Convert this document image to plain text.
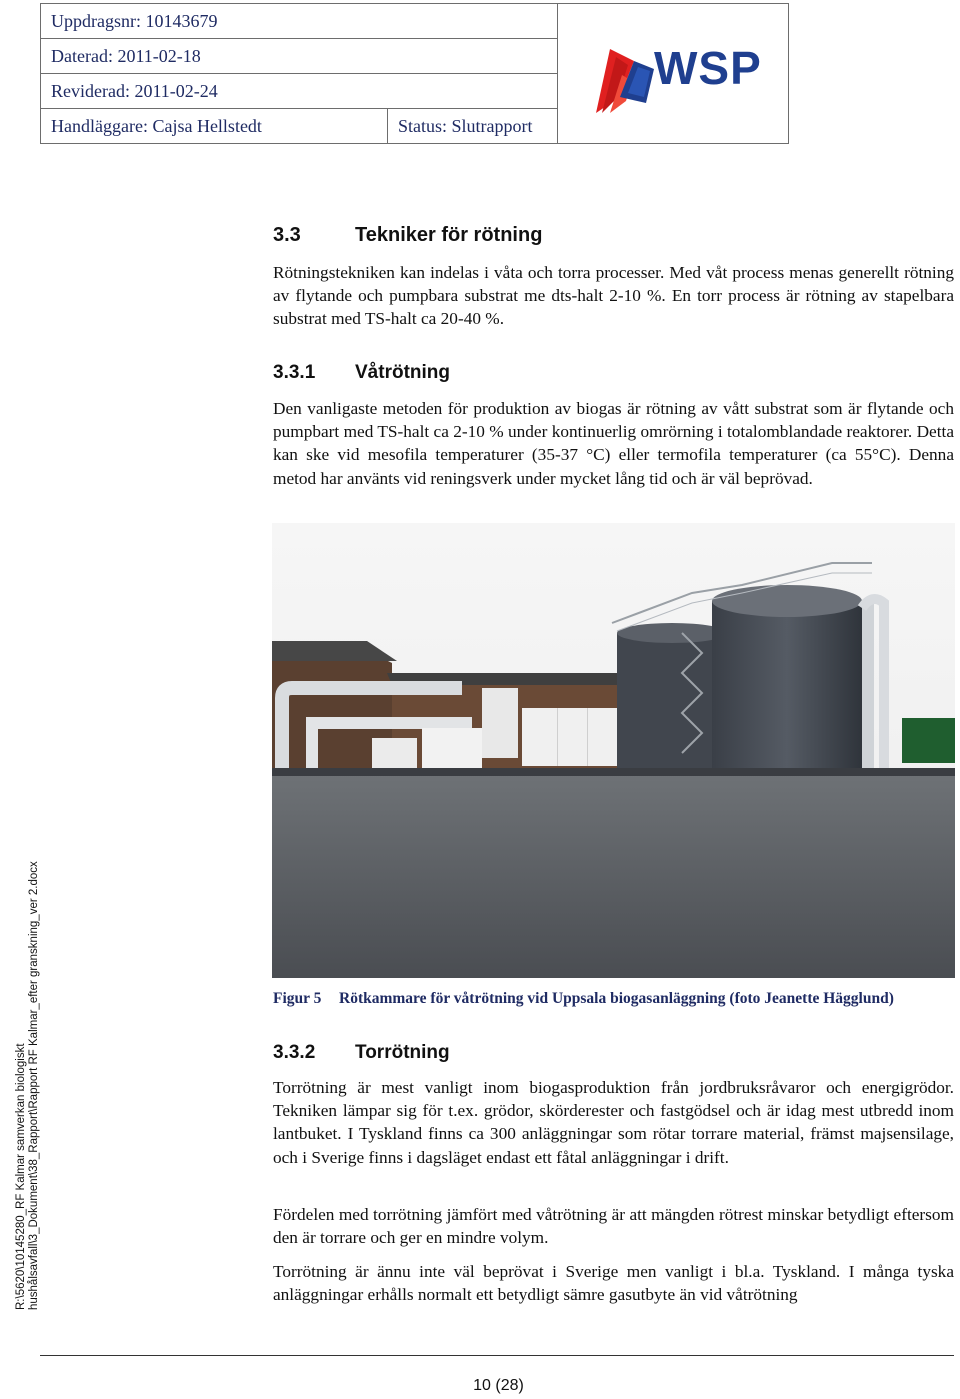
Uppdragsnr: 10143679		WSP

Daterad: 2011-02-18		
Reviderad: 2011-02-24		
Handläggare: Cajsa Hellstedt	Status: Slutrapport	
3.3	Tekniker för rötning

Rötningstekniken kan indelas i våta och torra processer. Med våt process menas generellt rötning av flytande och pumpbara substrat me dts-halt 2-10 %. En torr process är rötning av stapelbara substrat med TS-halt ca 20-40 %.

3.3.1 Våtrötning

Den vanligaste metoden för produktion av biogas är rötning av vått substrat som är flytande och pumpbart med TS-halt ca 2-10 % under kontinuerlig omrörning i totalomblandade reaktorer. Detta kan ske vid mesofila temperaturer (35-37 °C) eller termofila temperaturer (ca 55°C). Denna metod har använts vid reningsverk under mycket lång tid och är väl beprövad.

Figur 5 Rötkammare för våtrötning vid Uppsala biogasanläggning (foto Jeanette Hägglund)
3.3.2 Torrötning

Torrötning är mest vanligt inom biogasproduktion från jordbruksråvaror och energigrödor. Tekniken lämpar sig för t.ex. grödor, skörderester och fastgödsel och är idag mest utbredd inom lantbuket. I Tyskland finns ca 300 anläggningar som rötar torrare material, främst majsensilage, och i Sverige finns i dagsläget endast ett fåtal anläggningar i drift.

Fördelen med torrötning jämfört med våtrötning är att mängden rötrest minskar betydligt eftersom den är torrare och ger en mindre volym.

Torrötning är ännu inte väl beprövat i Sverige men vanligt i bl.a. Tyskland. I många tyska anläggningar erhålls normalt ett betydligt sämre gasutbyte än vid våtrötning

R:\5620\10145280_RF Kalmar samverkan biologiskt hushålsavfall\3_Dokument\38_Rapport\Rapport RF Kalmar_efter granskning_ver 2.docx
10 (28)
